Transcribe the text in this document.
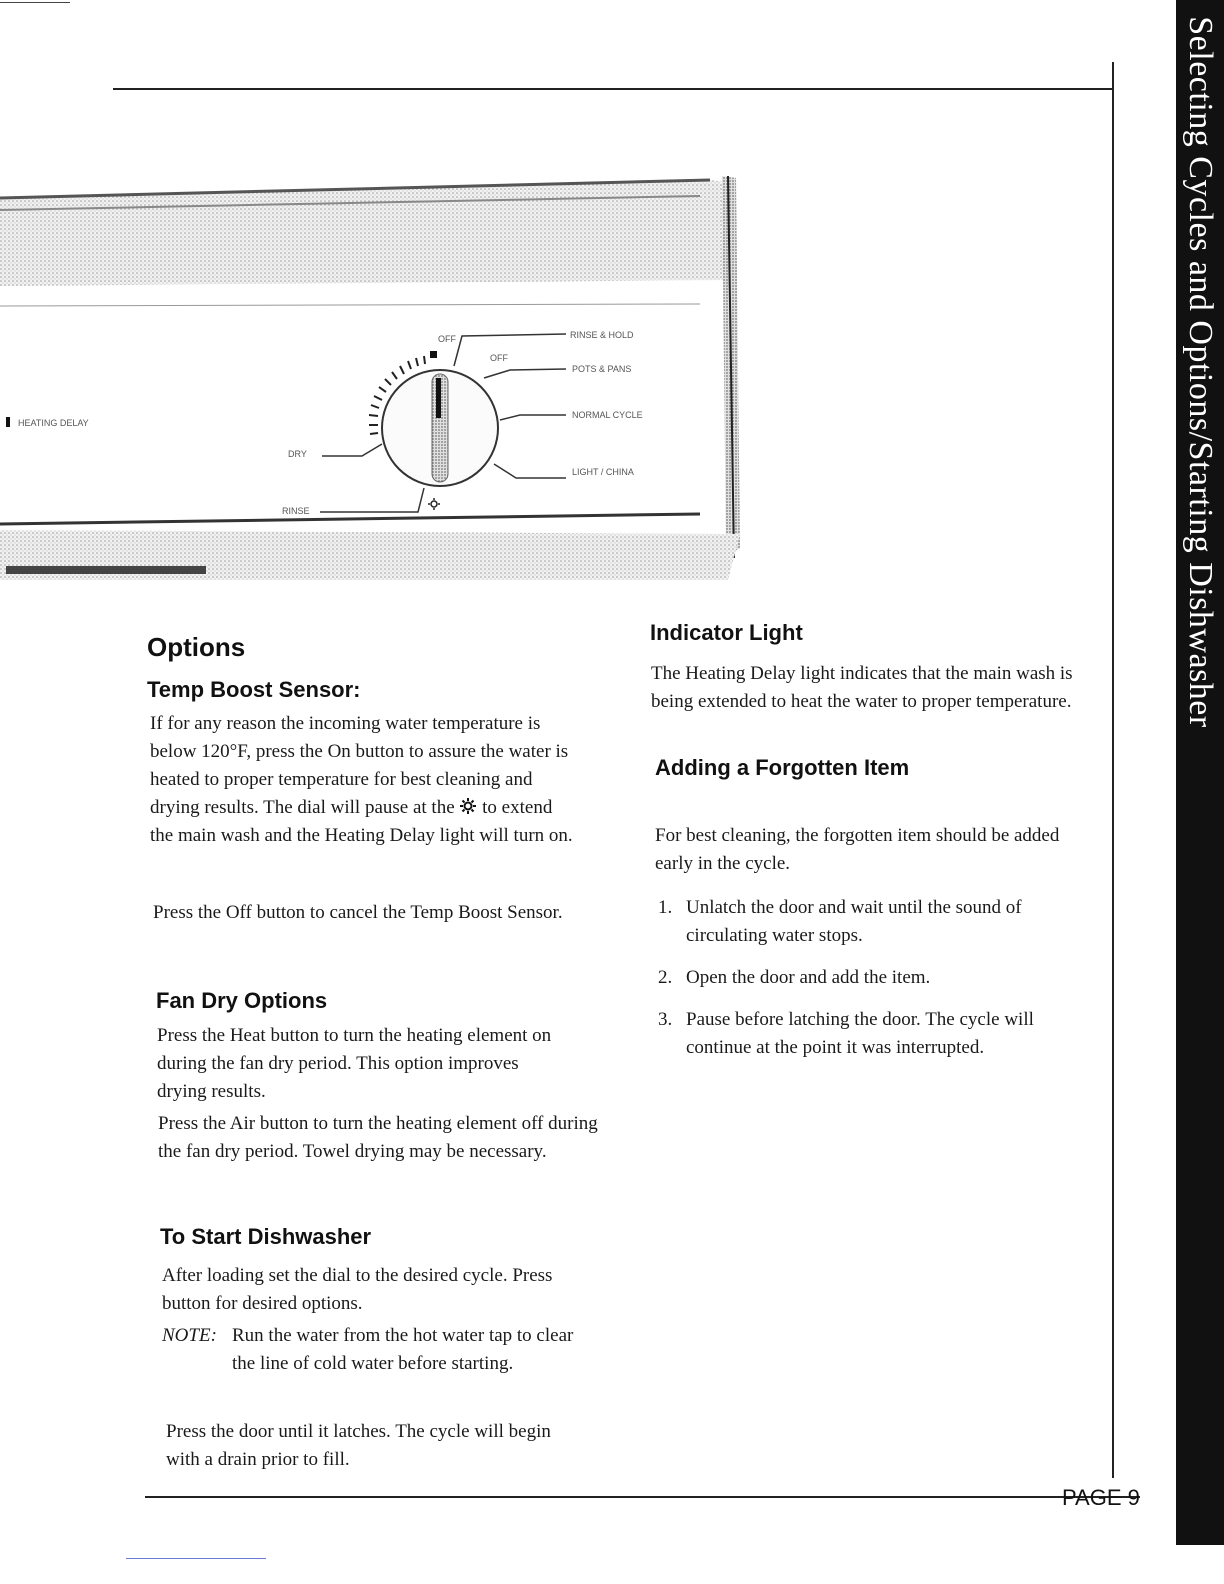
Selecting Cycles and Options/Starting Dishwasher
HEATING DELAY
OFF	RINSE & HOLD
OFF
POTS & PANS
NORMAL CYCLE
LIGHT / CHINA
DRY
RINSE
Options
Temp Boost Sensor:

If for any reason the incoming water temperature is below 120°F, press the On button to assure the water is heated to proper temperature for best cleaning and drying results. The dial will pause at the to extend the main wash and the Heating Delay light will turn on.

Press the Off button to cancel the Temp Boost Sensor.

Fan Dry Options

Press the Heat button to turn the heating element on during the fan dry period. This option improves drying results.

Press the Air button to turn the heating element off during the fan dry period. Towel drying may be necessary.

To Start Dishwasher

After loading set the dial to the desired cycle. Press button for desired options.

NOTE: Run the water from the hot water tap to clear the line of cold water before starting.

Press the door until it latches. The cycle will begin with a drain prior to fill.

Indicator Light

The Heating Delay light indicates that the main wash is being extended to heat the water to proper temperature.

Adding a Forgotten Item

For best cleaning, the forgotten item should be added early in the cycle.

1. Unlatch the door and wait until the sound of circulating water stops.
2. Open the door and add the item.
3. Pause before latching the door. The cycle will continue at the point it was interrupted.
PAGE 9
